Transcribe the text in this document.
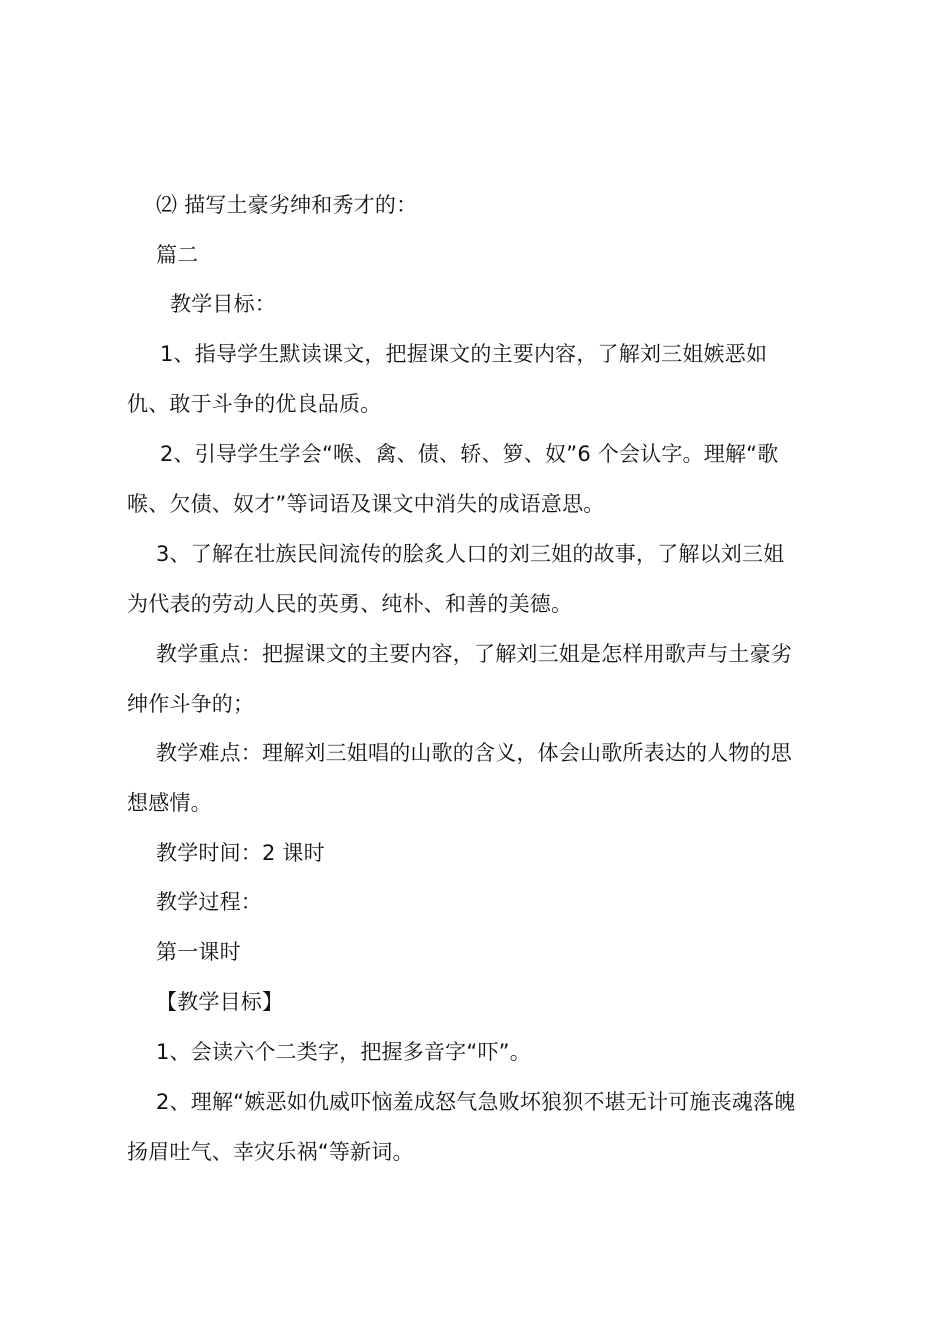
⑵ 描写土豪劣绅和秀才的：
篇二
教学目标：
1、指导学生默读课文，把握课文的主要内容，了解刘三姐嫉恶如
仇、敢于斗争的优良品质。
2、引导学生学会“喉、禽、债、轿、箩、奴”6 个会认字。理解“歌
喉、欠债、奴才”等词语及课文中消失的成语意思。
3、了解在壮族民间流传的脍炙人口的刘三姐的故事，了解以刘三姐
为代表的劳动人民的英勇、纯朴、和善的美德。
教学重点：把握课文的主要内容，了解刘三姐是怎样用歌声与土豪劣
绅作斗争的；
教学难点：理解刘三姐唱的山歌的含义，体会山歌所表达的人物的思
想感情。
教学时间：2 课时
教学过程：
第一课时
【教学目标】
1、会读六个二类字，把握多音字“吓”。
2、理解“嫉恶如仇威吓恼羞成怒气急败坏狼狈不堪无计可施丧魂落魄
扬眉吐气、幸灾乐祸“等新词。
